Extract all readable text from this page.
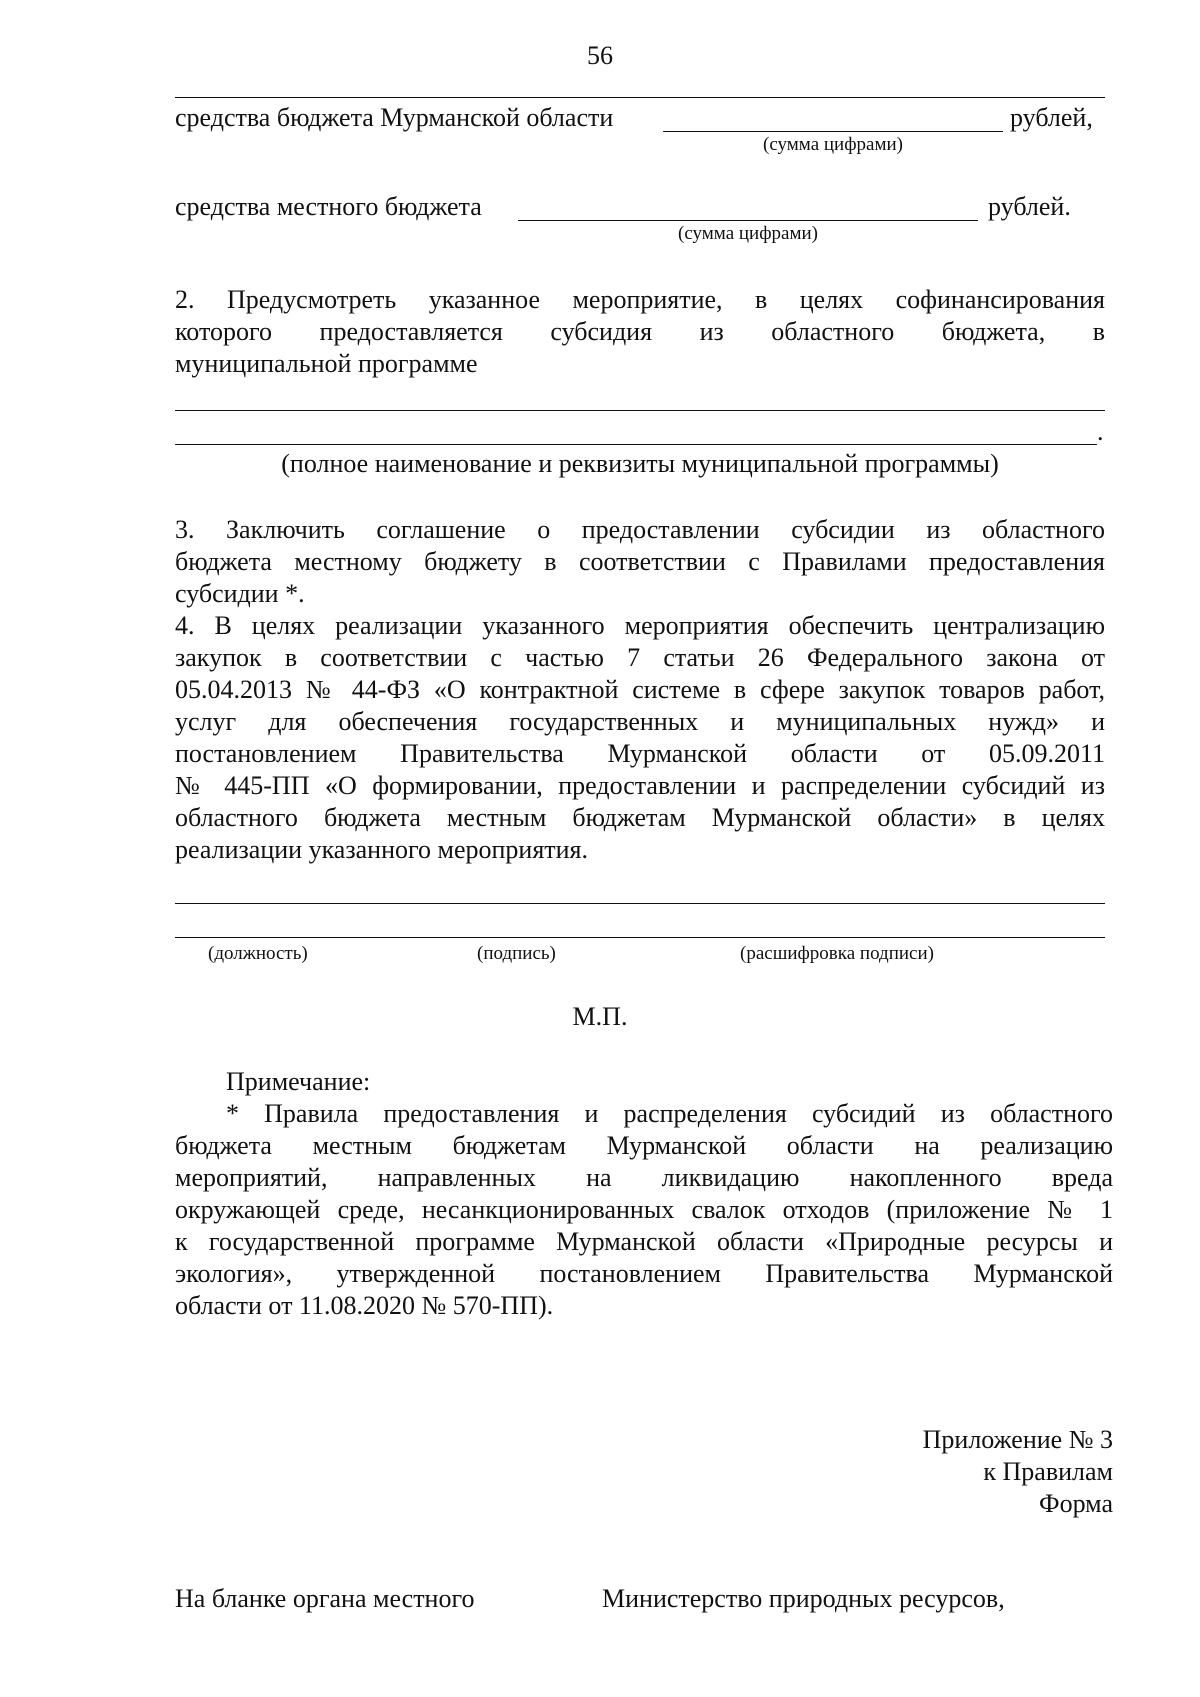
56
средства бюджета Мурманской области	рублей,
(сумма цифрами)
средства местного бюджета	рублей.
(сумма цифрами)
2. Предусмотреть указанное мероприятие, в целях софинансирования
которого предоставляется субсидия из областного бюджета, в
муниципальной программе
.
(полное наименование и реквизиты муниципальной программы)
3. Заключить соглашение о предоставлении субсидии из областного
бюджета местному бюджету в соответствии с Правилами предоставления
субсидии *.
4. В целях реализации указанного мероприятия обеспечить централизацию
закупок в соответствии с частью 7 статьи 26 Федерального закона от
05.04.2013 № 44-ФЗ «О контрактной системе в сфере закупок товаров работ,
услуг для обеспечения государственных и муниципальных нужд» и
постановлением Правительства Мурманской области от 05.09.2011
№ 445-ПП «О формировании, предоставлении и распределении субсидий из
областного бюджета местным бюджетам Мурманской области» в целях
реализации указанного мероприятия.
(должность)	(подпись)	(расшифровка подписи)
М.П.
Примечание:
* Правила предоставления и распределения субсидий из областного
бюджета местным бюджетам Мурманской области на реализацию
мероприятий, направленных на ликвидацию накопленного вреда
окружающей среде, несанкционированных свалок отходов (приложение № 1
к государственной программе Мурманской области «Природные ресурсы и
экология», утвержденной постановлением Правительства Мурманской
области от 11.08.2020 № 570-ПП).
Приложение № 3
к Правилам
Форма
На бланке органа местного	Министерство природных ресурсов,
